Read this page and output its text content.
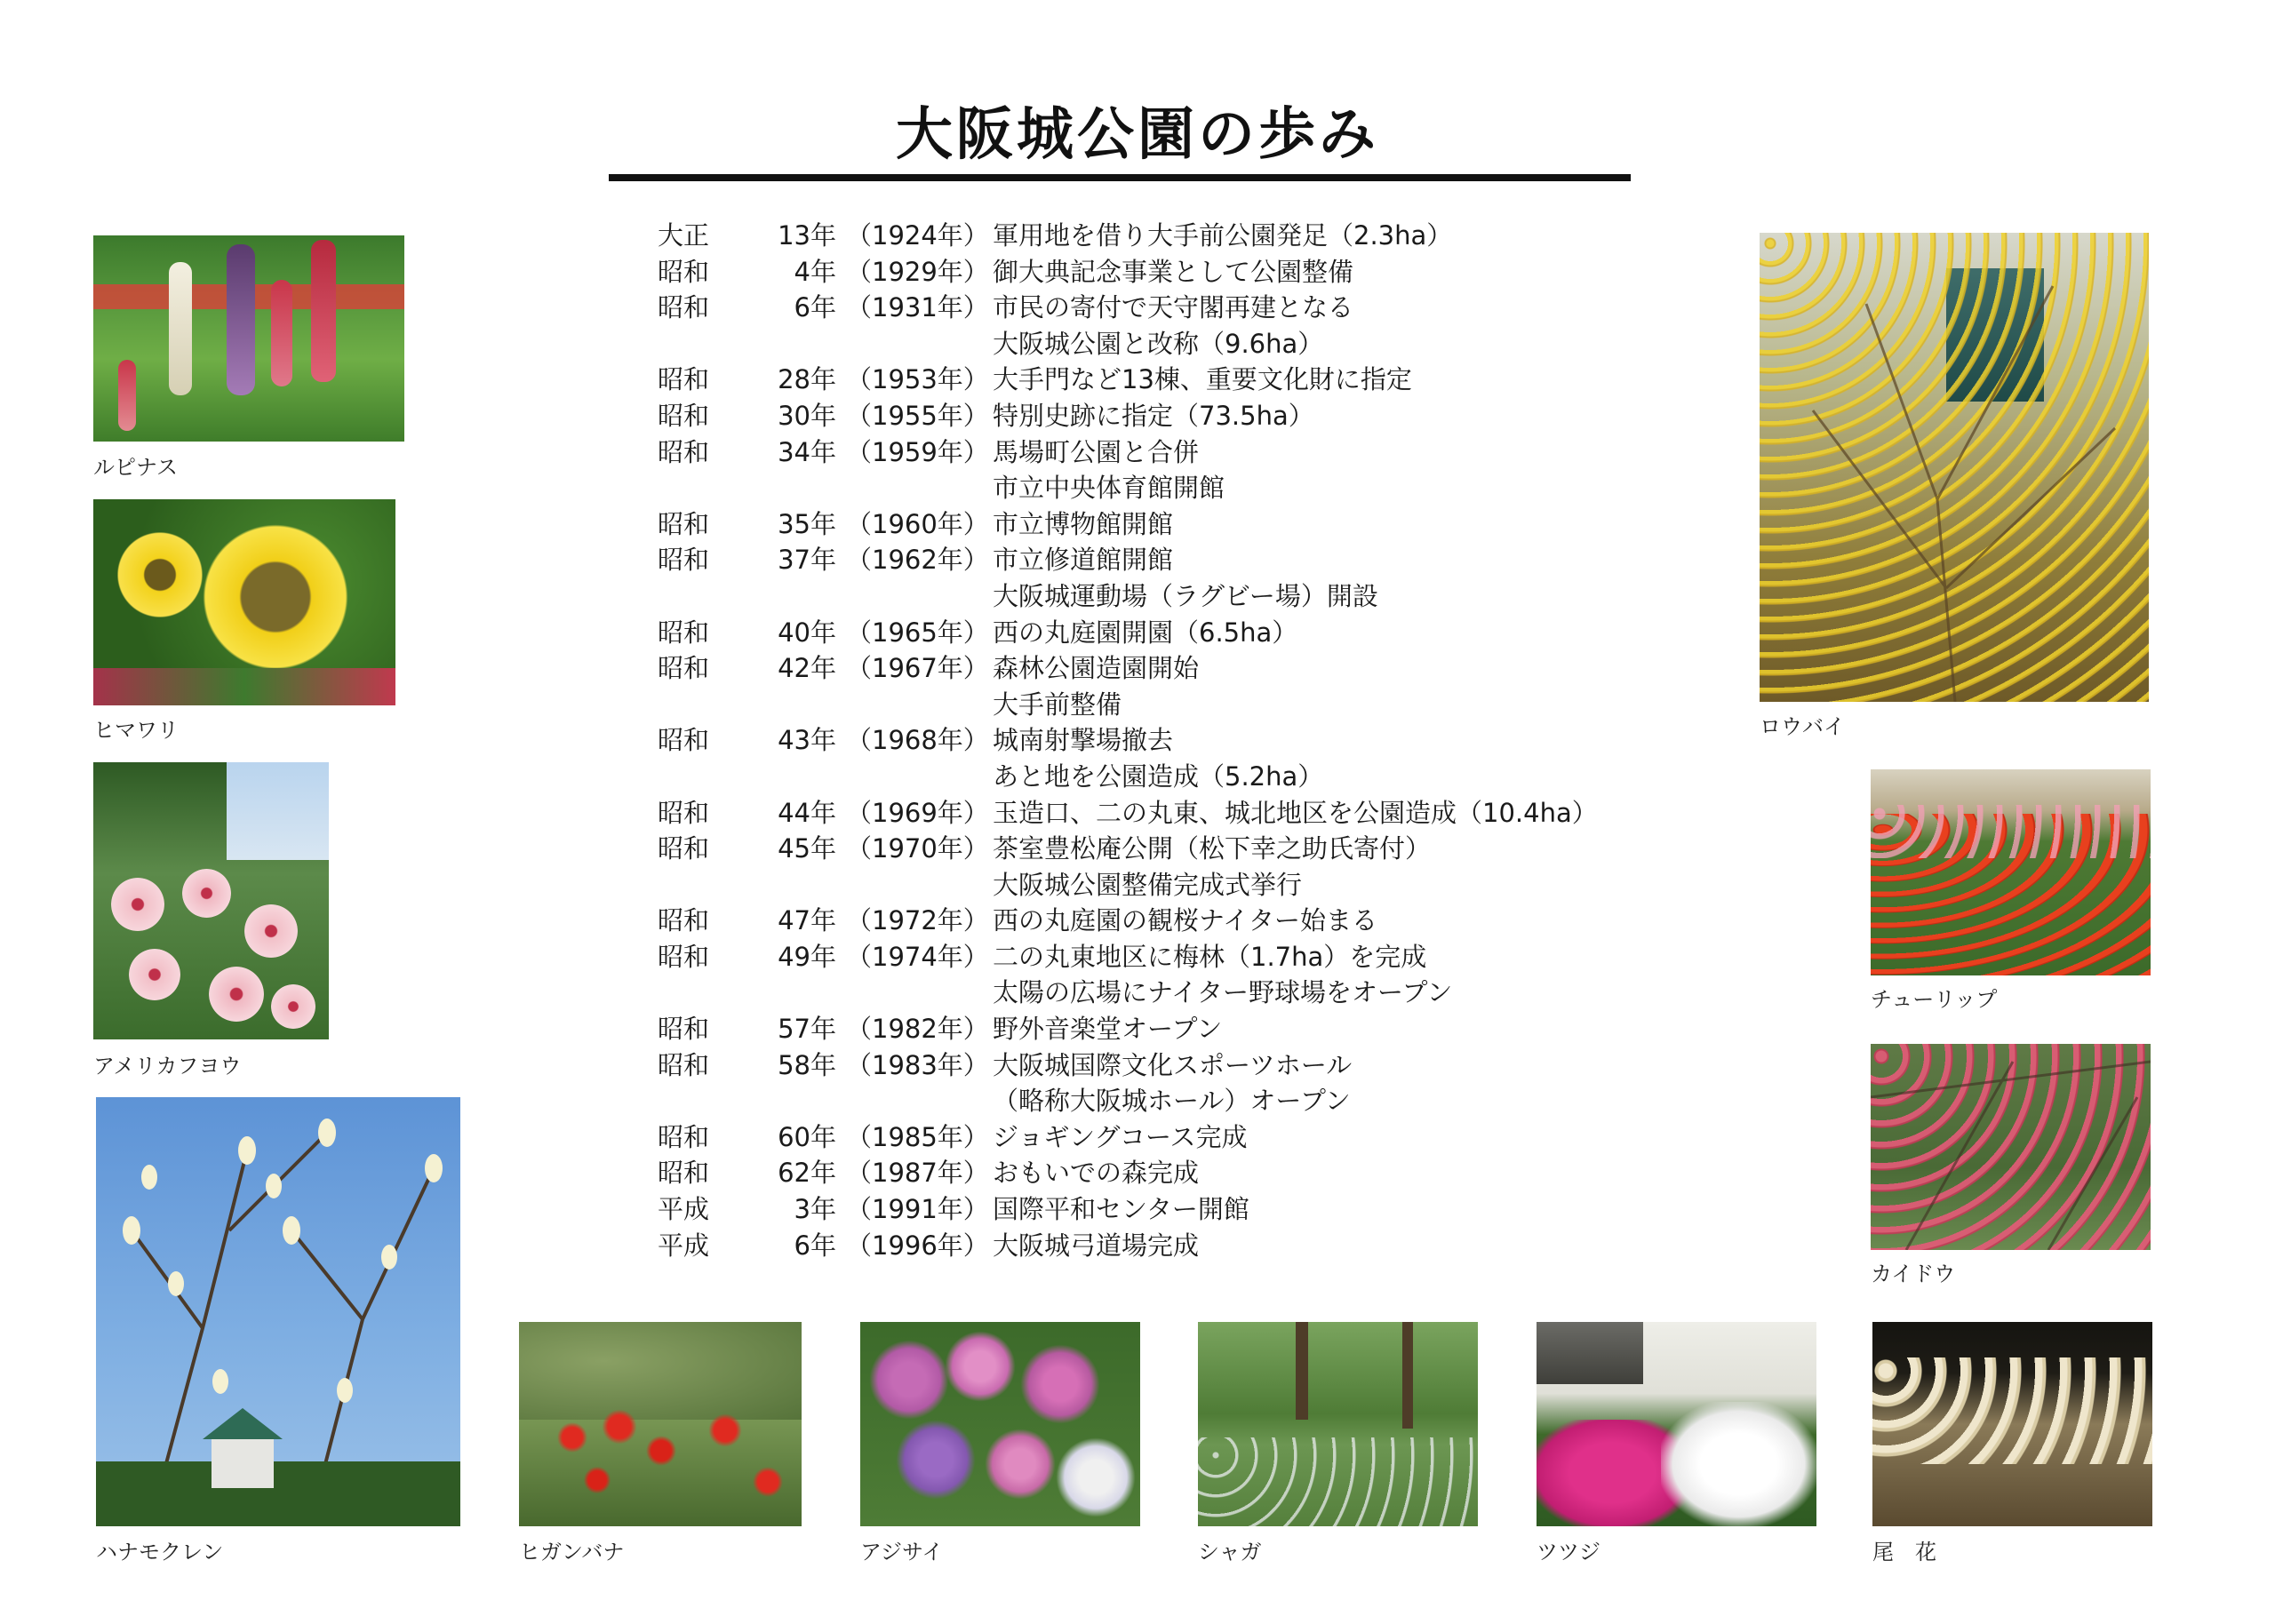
大阪城公園の歩み
大正	13 年 （1924年） 軍用地を借り大手前公園発足（2.3ha）
昭和	4 年 （1929年） 御大典記念事業として公園整備
昭和	6 年 （1931年） 市民の寄付で天守閣再建となる
大阪城公園と改称（9.6ha）
昭和	28 年 （1953年） 大手門など13棟、重要文化財に指定
昭和	30 年 （1955年） 特別史跡に指定（73.5ha）
昭和	34 年 （1959年） 馬場町公園と合併
市立中央体育館開館
昭和	35 年 （1960年） 市立博物館開館
昭和	37 年 （1962年） 市立修道館開館
大阪城運動場（ラグビー場）開設
昭和	40 年 （1965年） 西の丸庭園開園（6.5ha）
昭和	42 年 （1967年） 森林公園造園開始
大手前整備
昭和	43 年 （1968年） 城南射撃場撤去
あと地を公園造成（5.2ha）
昭和	44 年 （1969年） 玉造口、二の丸東、城北地区を公園造成（10.4ha）
昭和	45 年 （1970年） 茶室豊松庵公開（松下幸之助氏寄付）
大阪城公園整備完成式挙行
昭和	47 年 （1972年） 西の丸庭園の観桜ナイター始まる
昭和	49 年 （1974年） 二の丸東地区に梅林（1.7ha）を完成
太陽の広場にナイター野球場をオープン
昭和	57 年 （1982年） 野外音楽堂オープン
昭和	58 年 （1983年） 大阪城国際文化スポーツホール
（略称大阪城ホール）オープン
昭和	60 年 （1985年） ジョギングコース完成
昭和	62 年 （1987年） おもいでの森完成
平成	3 年 （1991年） 国際平和センター開館
平成	6 年 （1996年） 大阪城弓道場完成
ルピナス
ヒマワリ
アメリカフヨウ
ハナモクレン	ヒガンバナ	アジサイ	シャガ	ツツジ	尾　花
ロウバイ
チューリップ
カイドウ
